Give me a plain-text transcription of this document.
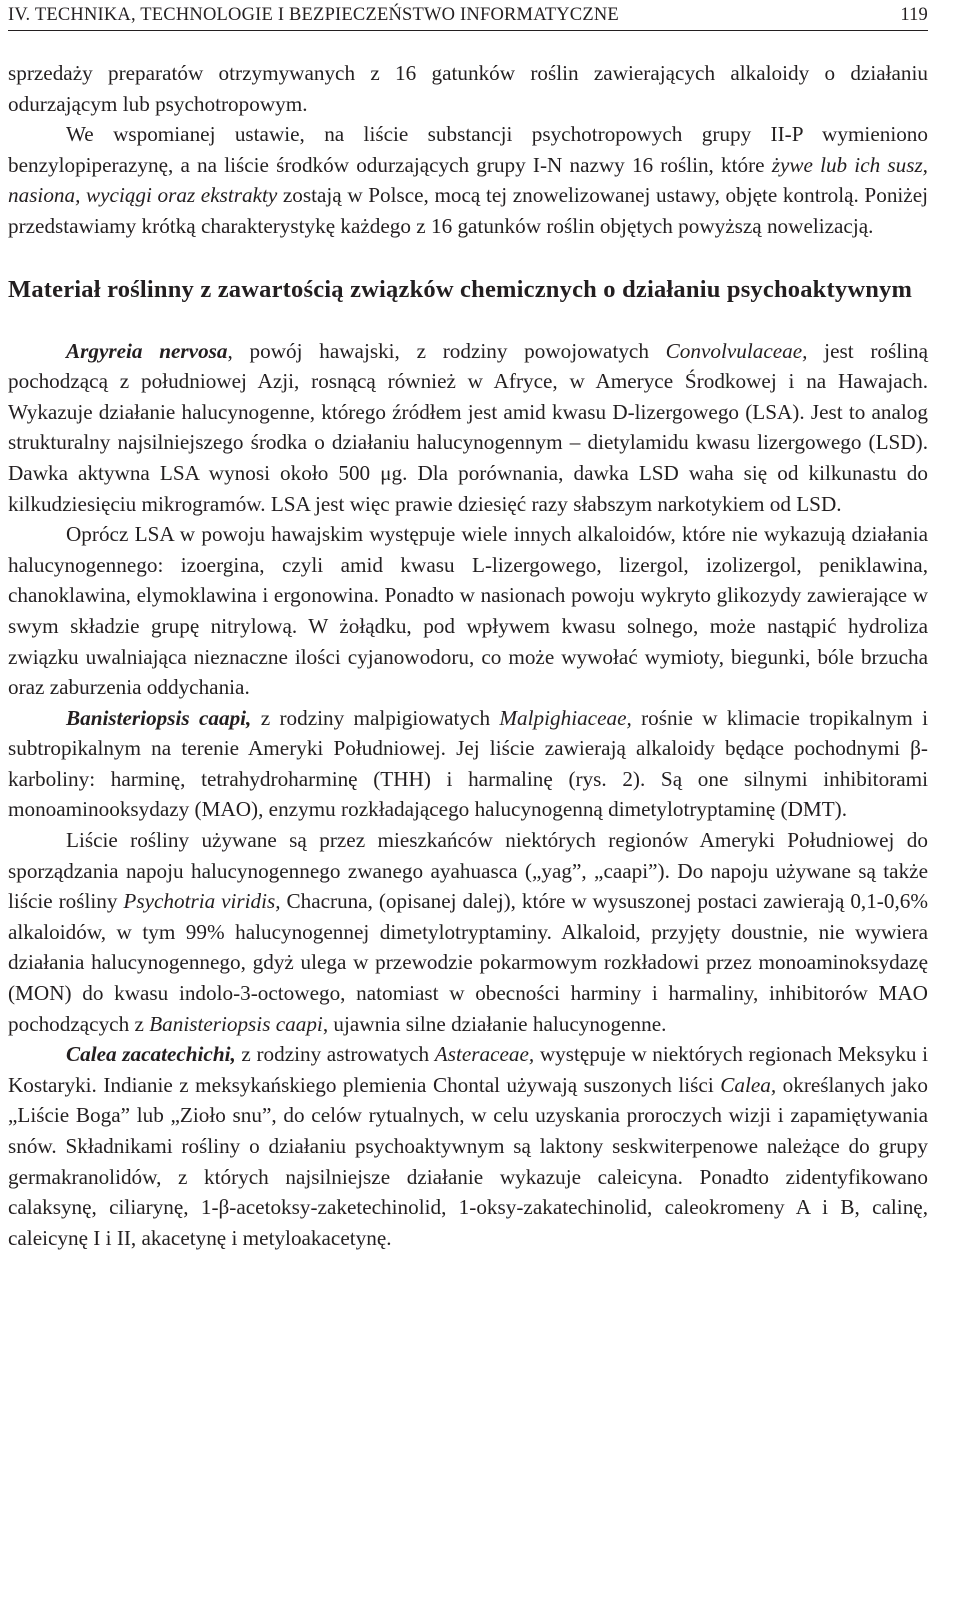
IV. TECHNIKA, TECHNOLOGIE I BEZPIECZEŃSTWO INFORMATYCZNE	119

sprzedaży preparatów otrzymywanych z 16 gatunków roślin zawierających alkaloidy o działaniu odurzającym lub psychotropowym.

We wspomianej ustawie, na liście substancji psychotropowych grupy II-P wymieniono benzylopiperazynę, a na liście środków odurzających grupy I-N nazwy 16 roślin, które żywe lub ich susz, nasiona, wyciągi oraz ekstrakty zostają w Polsce, mocą tej znowelizowanej ustawy, objęte kontrolą. Poniżej przedstawiamy krótką charakterystykę każdego z 16 gatunków roślin objętych powyższą nowelizacją.

Materiał roślinny z zawartością związków chemicznych o działaniu psychoaktywnym

Argyreia nervosa, powój hawajski, z rodziny powojowatych Convolvulaceae, jest rośliną pochodzącą z południowej Azji, rosnącą również w Afryce, w Ameryce Środkowej i na Hawajach. Wykazuje działanie halucynogenne, którego źródłem jest amid kwasu D-lizergowego (LSA). Jest to analog strukturalny najsilniejszego środka o działaniu halucynogennym – dietylamidu kwasu lizergowego (LSD). Dawka aktywna LSA wynosi około 500 μg. Dla porównania, dawka LSD waha się od kilkunastu do kilkudziesięciu mikrogramów. LSA jest więc prawie dziesięć razy słabszym narkotykiem od LSD.

Oprócz LSA w powoju hawajskim występuje wiele innych alkaloidów, które nie wykazują działania halucynogennego: izoergina, czyli amid kwasu L-lizergowego, lizergol, izolizergol, peniklawina, chanoklawina, elymoklawina i ergonowina. Ponadto w nasionach powoju wykryto glikozydy zawierające w swym składzie grupę nitrylową. W żołądku, pod wpływem kwasu solnego, może nastąpić hydroliza związku uwalniająca nieznaczne ilości cyjanowodoru, co może wywołać wymioty, biegunki, bóle brzucha oraz zaburzenia oddychania.

Banisteriopsis caapi, z rodziny malpigiowatych Malpighiaceae, rośnie w klimacie tropikalnym i subtropikalnym na terenie Ameryki Południowej. Jej liście zawierają alkaloidy będące pochodnymi β-karboliny: harminę, tetrahydroharminę (THH) i harmalinę (rys. 2). Są one silnymi inhibitorami monoaminooksydazy (MAO), enzymu rozkładającego halucynogenną dimetylotryptaminę (DMT).

Liście rośliny używane są przez mieszkańców niektórych regionów Ameryki Południowej do sporządzania napoju halucynogennego zwanego ayahuasca („yag”, „caapi”). Do napoju używane są także liście rośliny Psychotria viridis, Chacruna, (opisanej dalej), które w wysuszonej postaci zawierają 0,1-0,6% alkaloidów, w tym 99% halucynogennej dimetylotryptaminy. Alkaloid, przyjęty doustnie, nie wywiera działania halucynogennego, gdyż ulega w przewodzie pokarmowym rozkładowi przez monoaminoksydazę (MON) do kwasu indolo-3-octowego, natomiast w obecności harminy i harmaliny, inhibitorów MAO pochodzących z Banisteriopsis caapi, ujawnia silne działanie halucynogenne.

Calea zacatechichi, z rodziny astrowatych Asteraceae, występuje w niektórych regionach Meksyku i Kostaryki. Indianie z meksykańskiego plemienia Chontal używają suszonych liści Calea, określanych jako „Liście Boga” lub „Zioło snu”, do celów rytualnych, w celu uzyskania proroczych wizji i zapamiętywania snów. Składnikami rośliny o działaniu psychoaktywnym są laktony seskwiterpenowe należące do grupy germakranolidów, z których najsilniejsze działanie wykazuje caleicyna. Ponadto zidentyfikowano calaksynę, ciliarynę, 1-β-acetoksy-zaketechinolid, 1-oksy-zakatechinolid, caleokromeny A i B, calinę, caleicynę I i II, akacetynę i metyloakacetynę.
